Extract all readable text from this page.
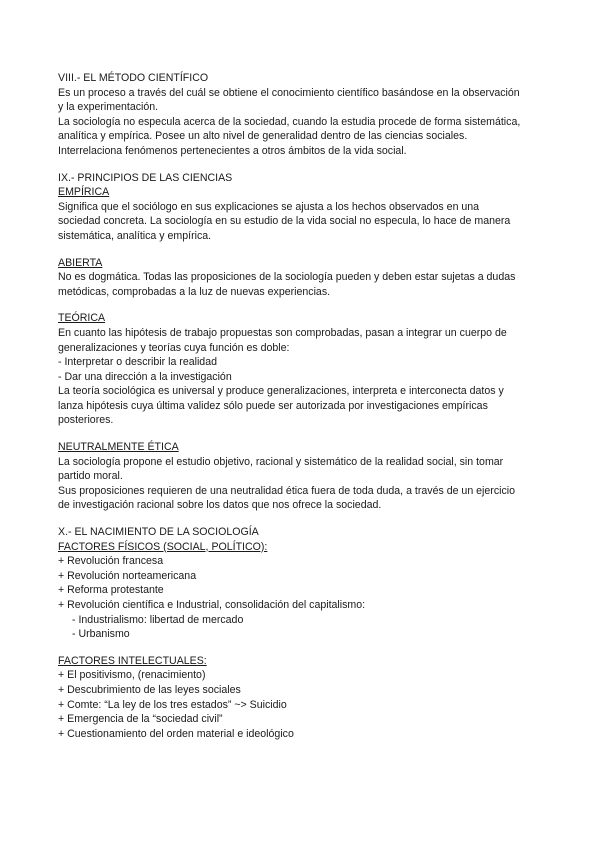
VIII.- EL MÉTODO CIENTÍFICO

Es un proceso a través del cuál se obtiene el conocimiento científico basándose en la observación

y la experimentación.

La sociología no especula acerca de la sociedad, cuando la estudia procede de forma sistemática,

analítica y empírica. Posee un alto nivel de generalidad dentro de las ciencias sociales.

Interrelaciona fenómenos pertenecientes a otros ámbitos de la vida social.

IX.- PRINCIPIOS DE LAS CIENCIAS

EMPÍRICA

Significa que el sociólogo en sus explicaciones se ajusta a los hechos observados en una

sociedad concreta. La sociología en su estudio de la vida social no especula, lo hace de manera

sistemática, analítica y empírica.

ABIERTA

No es dogmática. Todas las proposiciones de la sociología pueden y deben estar sujetas a dudas

metódicas, comprobadas a la luz de nuevas experiencias.

TEÓRICA

En cuanto las hipótesis de trabajo propuestas son comprobadas, pasan a integrar un cuerpo de

generalizaciones y teorías cuya función es doble:

- Interpretar o describir la realidad

- Dar una dirección a la investigación

La teoría sociológica es universal y produce generalizaciones, interpreta e interconecta datos y

lanza hipótesis cuya última validez sólo puede ser autorizada por investigaciones empíricas

posteriores.

NEUTRALMENTE ÉTICA

La sociología propone el estudio objetivo, racional y sistemático de la realidad social, sin tomar

partido moral.

Sus proposiciones requieren de una neutralidad ética fuera de toda duda, a través de un ejercicio

de investigación racional sobre los datos que nos ofrece la sociedad.

X.- EL NACIMIENTO DE LA SOCIOLOGÍA

FACTORES FÍSICOS (SOCIAL, POLÍTICO):

+ Revolución francesa

+ Revolución norteamericana

+ Reforma protestante

+ Revolución científica e Industrial, consolidación del capitalismo:

- Industrialismo: libertad de mercado

- Urbanismo

FACTORES INTELECTUALES:

+ El positivismo, (renacimiento)

+ Descubrimiento de las leyes sociales

+ Comte: “La ley de los tres estados” ~> Suicidio

+ Emergencia de la “sociedad civil”

+ Cuestionamiento del orden material e ideológico
